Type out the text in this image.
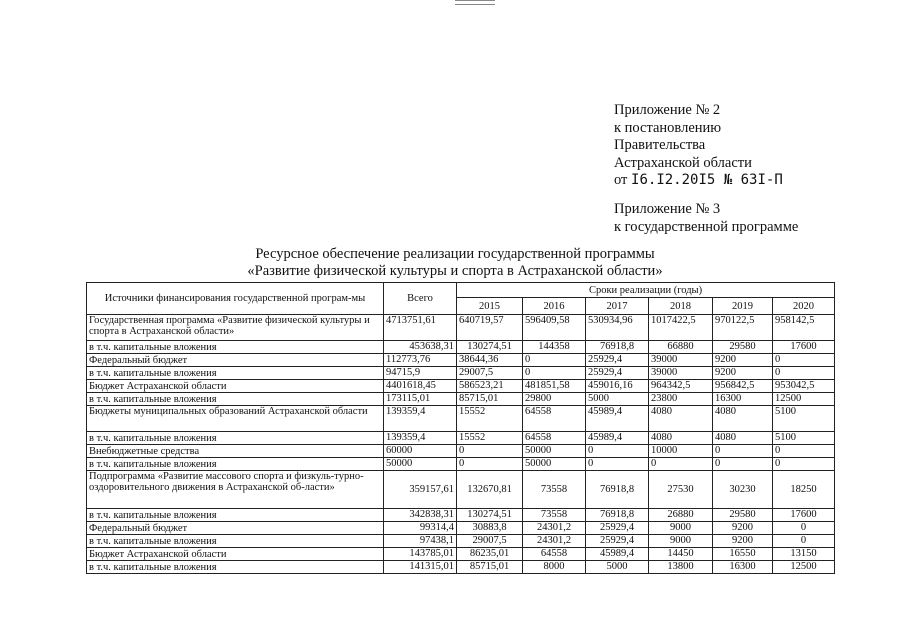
Приложение № 2
к постановлению
Правительства
Астраханской области
от I6.I2.20I5 № 63I-П
Приложение № 3
к государственной программе
Ресурсное обеспечение реализации государственной программы
«Развитие физической культуры и спорта в Астраханской области»
Источники финансирования государственной програм-мы	Всего	Сроки реализации (годы)					
		2015	2016	2017	2018	2019	2020
Государственная программа «Развитие физической культуры и спорта в Астраханской области»	4713751,61	640719,57	596409,58	530934,96	1017422,5	970122,5	958142,5
в т.ч. капитальные вложения	453638,31	130274,51	144358	76918,8	66880	29580	17600
Федеральный бюджет	112773,76	38644,36	0	25929,4	39000	9200	0
в т.ч. капитальные вложения	94715,9	29007,5	0	25929,4	39000	9200	0
Бюджет Астраханской области	4401618,45	586523,21	481851,58	459016,16	964342,5	956842,5	953042,5
в т.ч. капитальные вложения	173115,01	85715,01	29800	5000	23800	16300	12500
Бюджеты муниципальных образований Астраханской области	139359,4	15552	64558	45989,4	4080	4080	5100
в т.ч. капитальные вложения	139359,4	15552	64558	45989,4	4080	4080	5100
Внебюджетные средства	60000	0	50000	0	10000	0	0
в т.ч. капитальные вложения	50000	0	50000	0	0	0	0
Подпрограмма «Развитие массового спорта и физкуль-турно-оздоровительного движения в Астраханской об-ласти»	359157,61	132670,81	73558	76918,8	27530	30230	18250
в т.ч. капитальные вложения	342838,31	130274,51	73558	76918,8	26880	29580	17600
Федеральный бюджет	99314,4	30883,8	24301,2	25929,4	9000	9200	0
в т.ч. капитальные вложения	97438,1	29007,5	24301,2	25929,4	9000	9200	0
Бюджет Астраханской области	143785,01	86235,01	64558	45989,4	14450	16550	13150
в т.ч. капитальные вложения	141315,01	85715,01	8000	5000	13800	16300	12500
